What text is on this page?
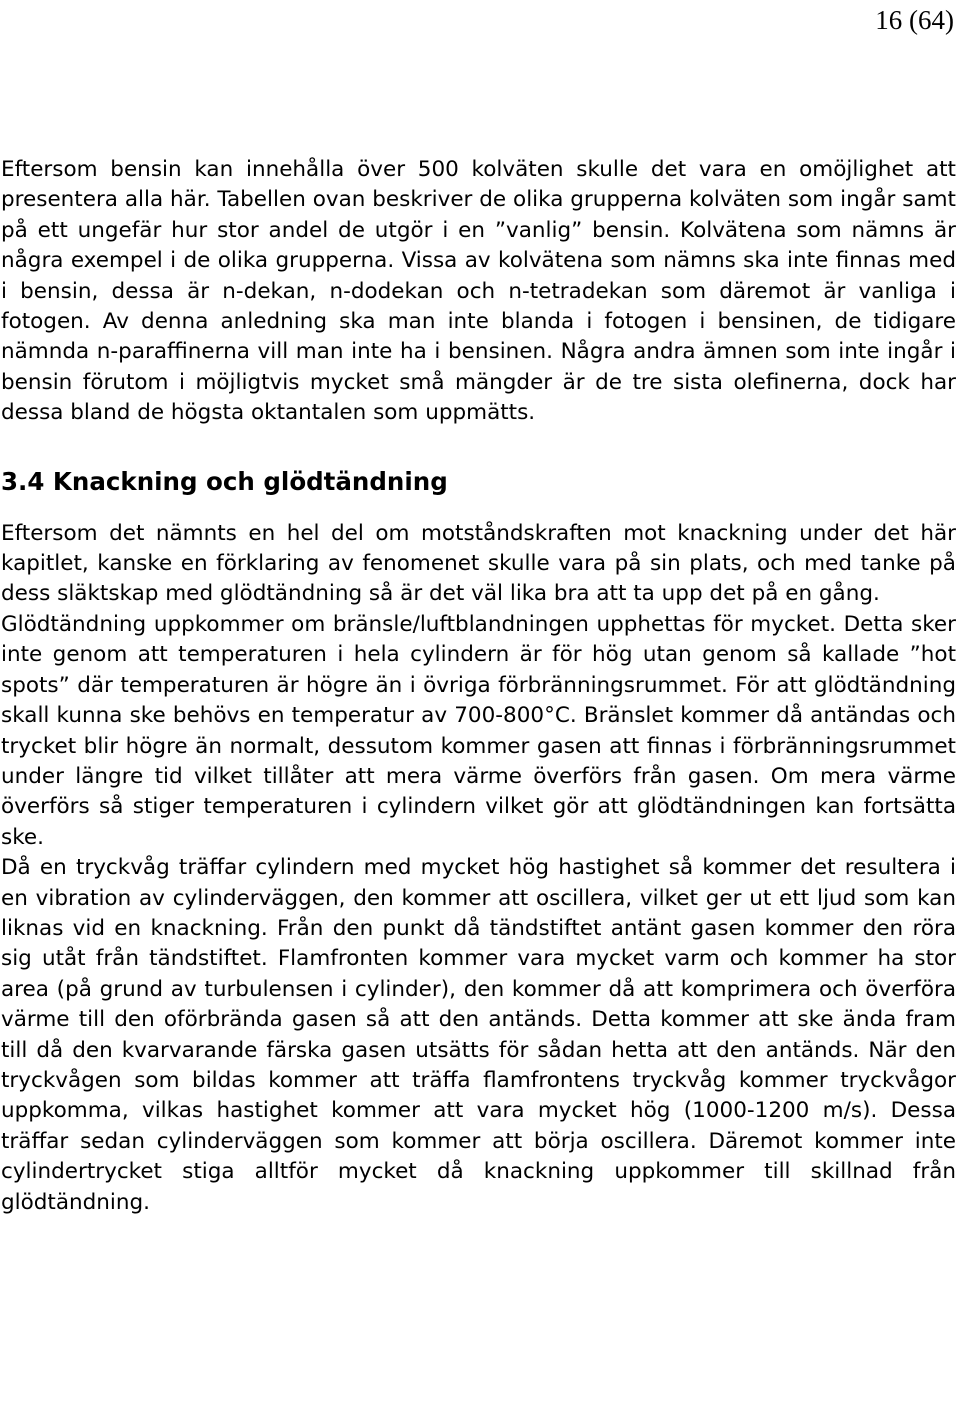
16 (64)

Eftersom bensin kan innehålla över 500 kolväten skulle det vara en omöjlighet att presentera alla här. Tabellen ovan beskriver de olika grupperna kolväten som ingår samt på ett ungefär hur stor andel de utgör i en ”vanlig” bensin. Kolvätena som nämns är några exempel i de olika grupperna. Vissa av kolvätena som nämns ska inte finnas med i bensin, dessa är n-dekan, n-dodekan och n-tetradekan som däremot är vanliga i fotogen. Av denna anledning ska man inte blanda i fotogen i bensinen, de tidigare nämnda n-paraffinerna vill man inte ha i bensinen. Några andra ämnen som inte ingår i bensin förutom i möjligtvis mycket små mängder är de tre sista olefinerna, dock har dessa bland de högsta oktantalen som uppmätts.

3.4 Knackning och glödtändning

Eftersom det nämnts en hel del om motståndskraften mot knackning under det här kapitlet, kanske en förklaring av fenomenet skulle vara på sin plats, och med tanke på dess släktskap med glödtändning så är det väl lika bra att ta upp det på en gång.

Glödtändning uppkommer om bränsle/luftblandningen upphettas för mycket. Detta sker inte genom att temperaturen i hela cylindern är för hög utan genom så kallade ”hot spots” där temperaturen är högre än i övriga förbränningsrummet. För att glödtändning skall kunna ske behövs en temperatur av 700-800°C. Bränslet kommer då antändas och trycket blir högre än normalt, dessutom kommer gasen att finnas i förbränningsrummet under längre tid vilket tillåter att mera värme överförs från gasen. Om mera värme överförs så stiger temperaturen i cylindern vilket gör att glödtändningen kan fortsätta ske.

Då en tryckvåg träffar cylindern med mycket hög hastighet så kommer det resultera i en vibration av cylinderväggen, den kommer att oscillera, vilket ger ut ett ljud som kan liknas vid en knackning. Från den punkt då tändstiftet antänt gasen kommer den röra sig utåt från tändstiftet. Flamfronten kommer vara mycket varm och kommer ha stor area (på grund av turbulensen i cylinder), den kommer då att komprimera och överföra värme till den oförbrända gasen så att den antänds. Detta kommer att ske ända fram till då den kvarvarande färska gasen utsätts för sådan hetta att den antänds. När den tryckvågen som bildas kommer att träffa flamfrontens tryckvåg kommer tryckvågor uppkomma, vilkas hastighet kommer att vara mycket hög (1000-1200 m/s). Dessa träffar sedan cylinderväggen som kommer att börja oscillera. Däremot kommer inte cylindertrycket stiga alltför mycket då knackning uppkommer till skillnad från glödtändning.
